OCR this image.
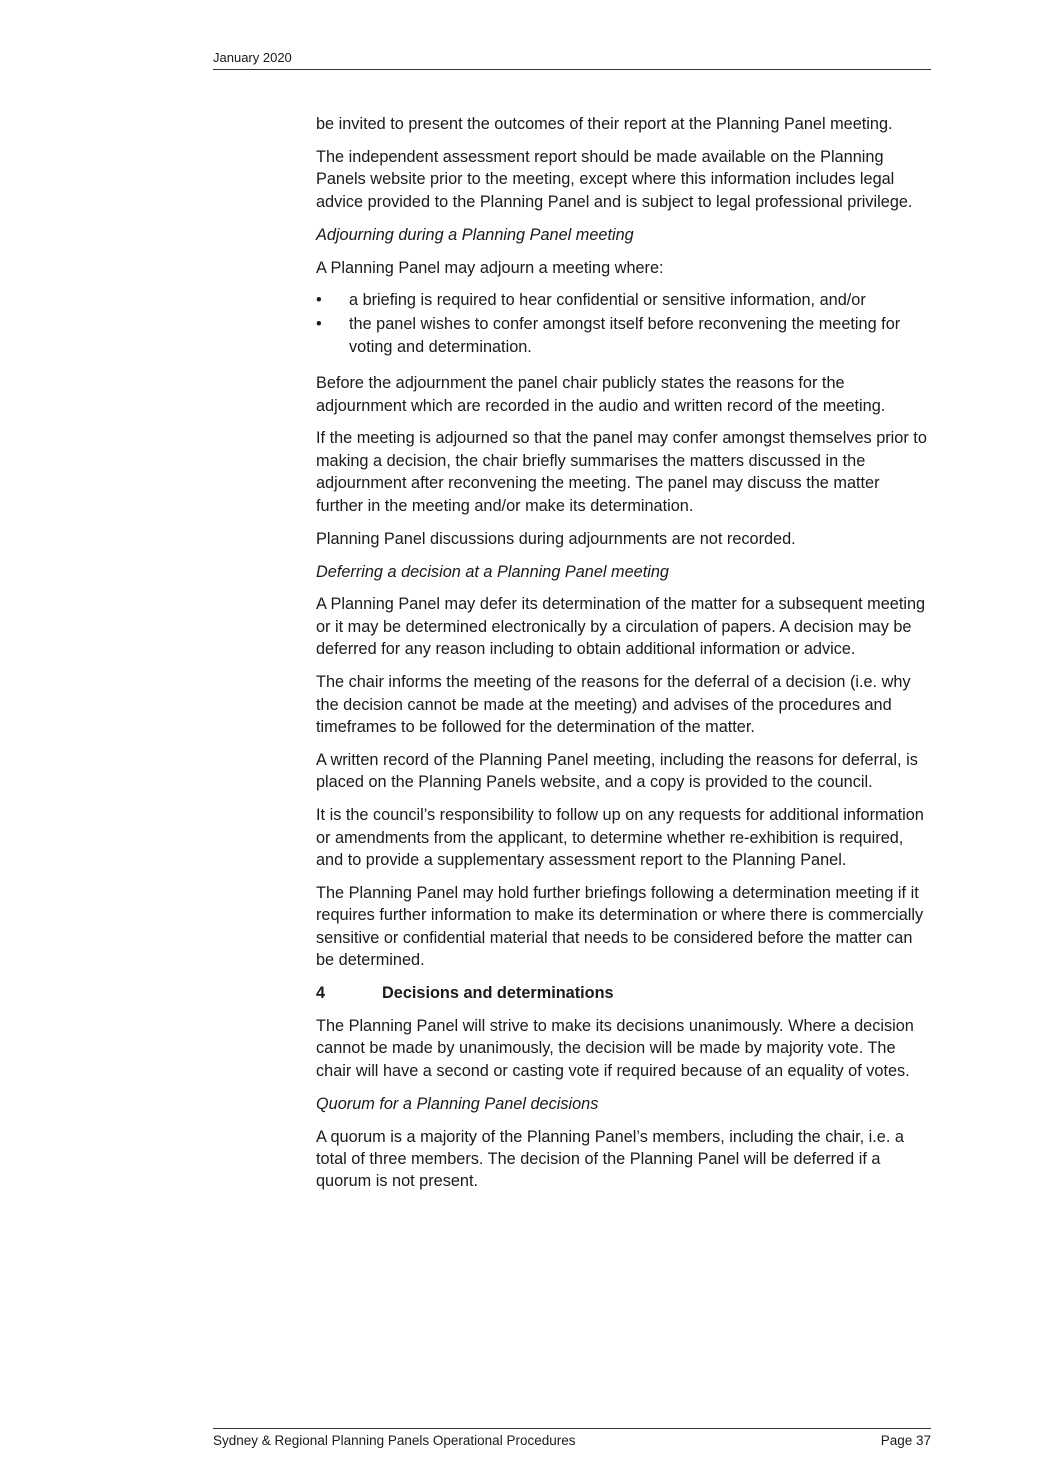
January 2020

be invited to present the outcomes of their report at the Planning Panel meeting.

The independent assessment report should be made available on the Planning Panels website prior to the meeting, except where this information includes legal advice provided to the Planning Panel and is subject to legal professional privilege.

Adjourning during a Planning Panel meeting

A Planning Panel may adjourn a meeting where:

• a briefing is required to hear confidential or sensitive information, and/or
• the panel wishes to confer amongst itself before reconvening the meeting for voting and determination.

Before the adjournment the panel chair publicly states the reasons for the adjournment which are recorded in the audio and written record of the meeting.

If the meeting is adjourned so that the panel may confer amongst themselves prior to making a decision, the chair briefly summarises the matters discussed in the adjournment after reconvening the meeting. The panel may discuss the matter further in the meeting and/or make its determination.

Planning Panel discussions during adjournments are not recorded.

Deferring a decision at a Planning Panel meeting

A Planning Panel may defer its determination of the matter for a subsequent meeting or it may be determined electronically by a circulation of papers. A decision may be deferred for any reason including to obtain additional information or advice.

The chair informs the meeting of the reasons for the deferral of a decision (i.e. why the decision cannot be made at the meeting) and advises of the procedures and timeframes to be followed for the determination of the matter.

A written record of the Planning Panel meeting, including the reasons for deferral, is placed on the Planning Panels website, and a copy is provided to the council.

It is the council’s responsibility to follow up on any requests for additional information or amendments from the applicant, to determine whether re-exhibition is required, and to provide a supplementary assessment report to the Planning Panel.

The Planning Panel may hold further briefings following a determination meeting if it requires further information to make its determination or where there is commercially sensitive or confidential material that needs to be considered before the matter can be determined.

4	Decisions and determinations

The Planning Panel will strive to make its decisions unanimously. Where a decision cannot be made by unanimously, the decision will be made by majority vote. The chair will have a second or casting vote if required because of an equality of votes.

Quorum for a Planning Panel decisions

A quorum is a majority of the Planning Panel’s members, including the chair, i.e. a total of three members. The decision of the Planning Panel will be deferred if a quorum is not present.

Sydney & Regional Planning Panels Operational Procedures	Page 37
